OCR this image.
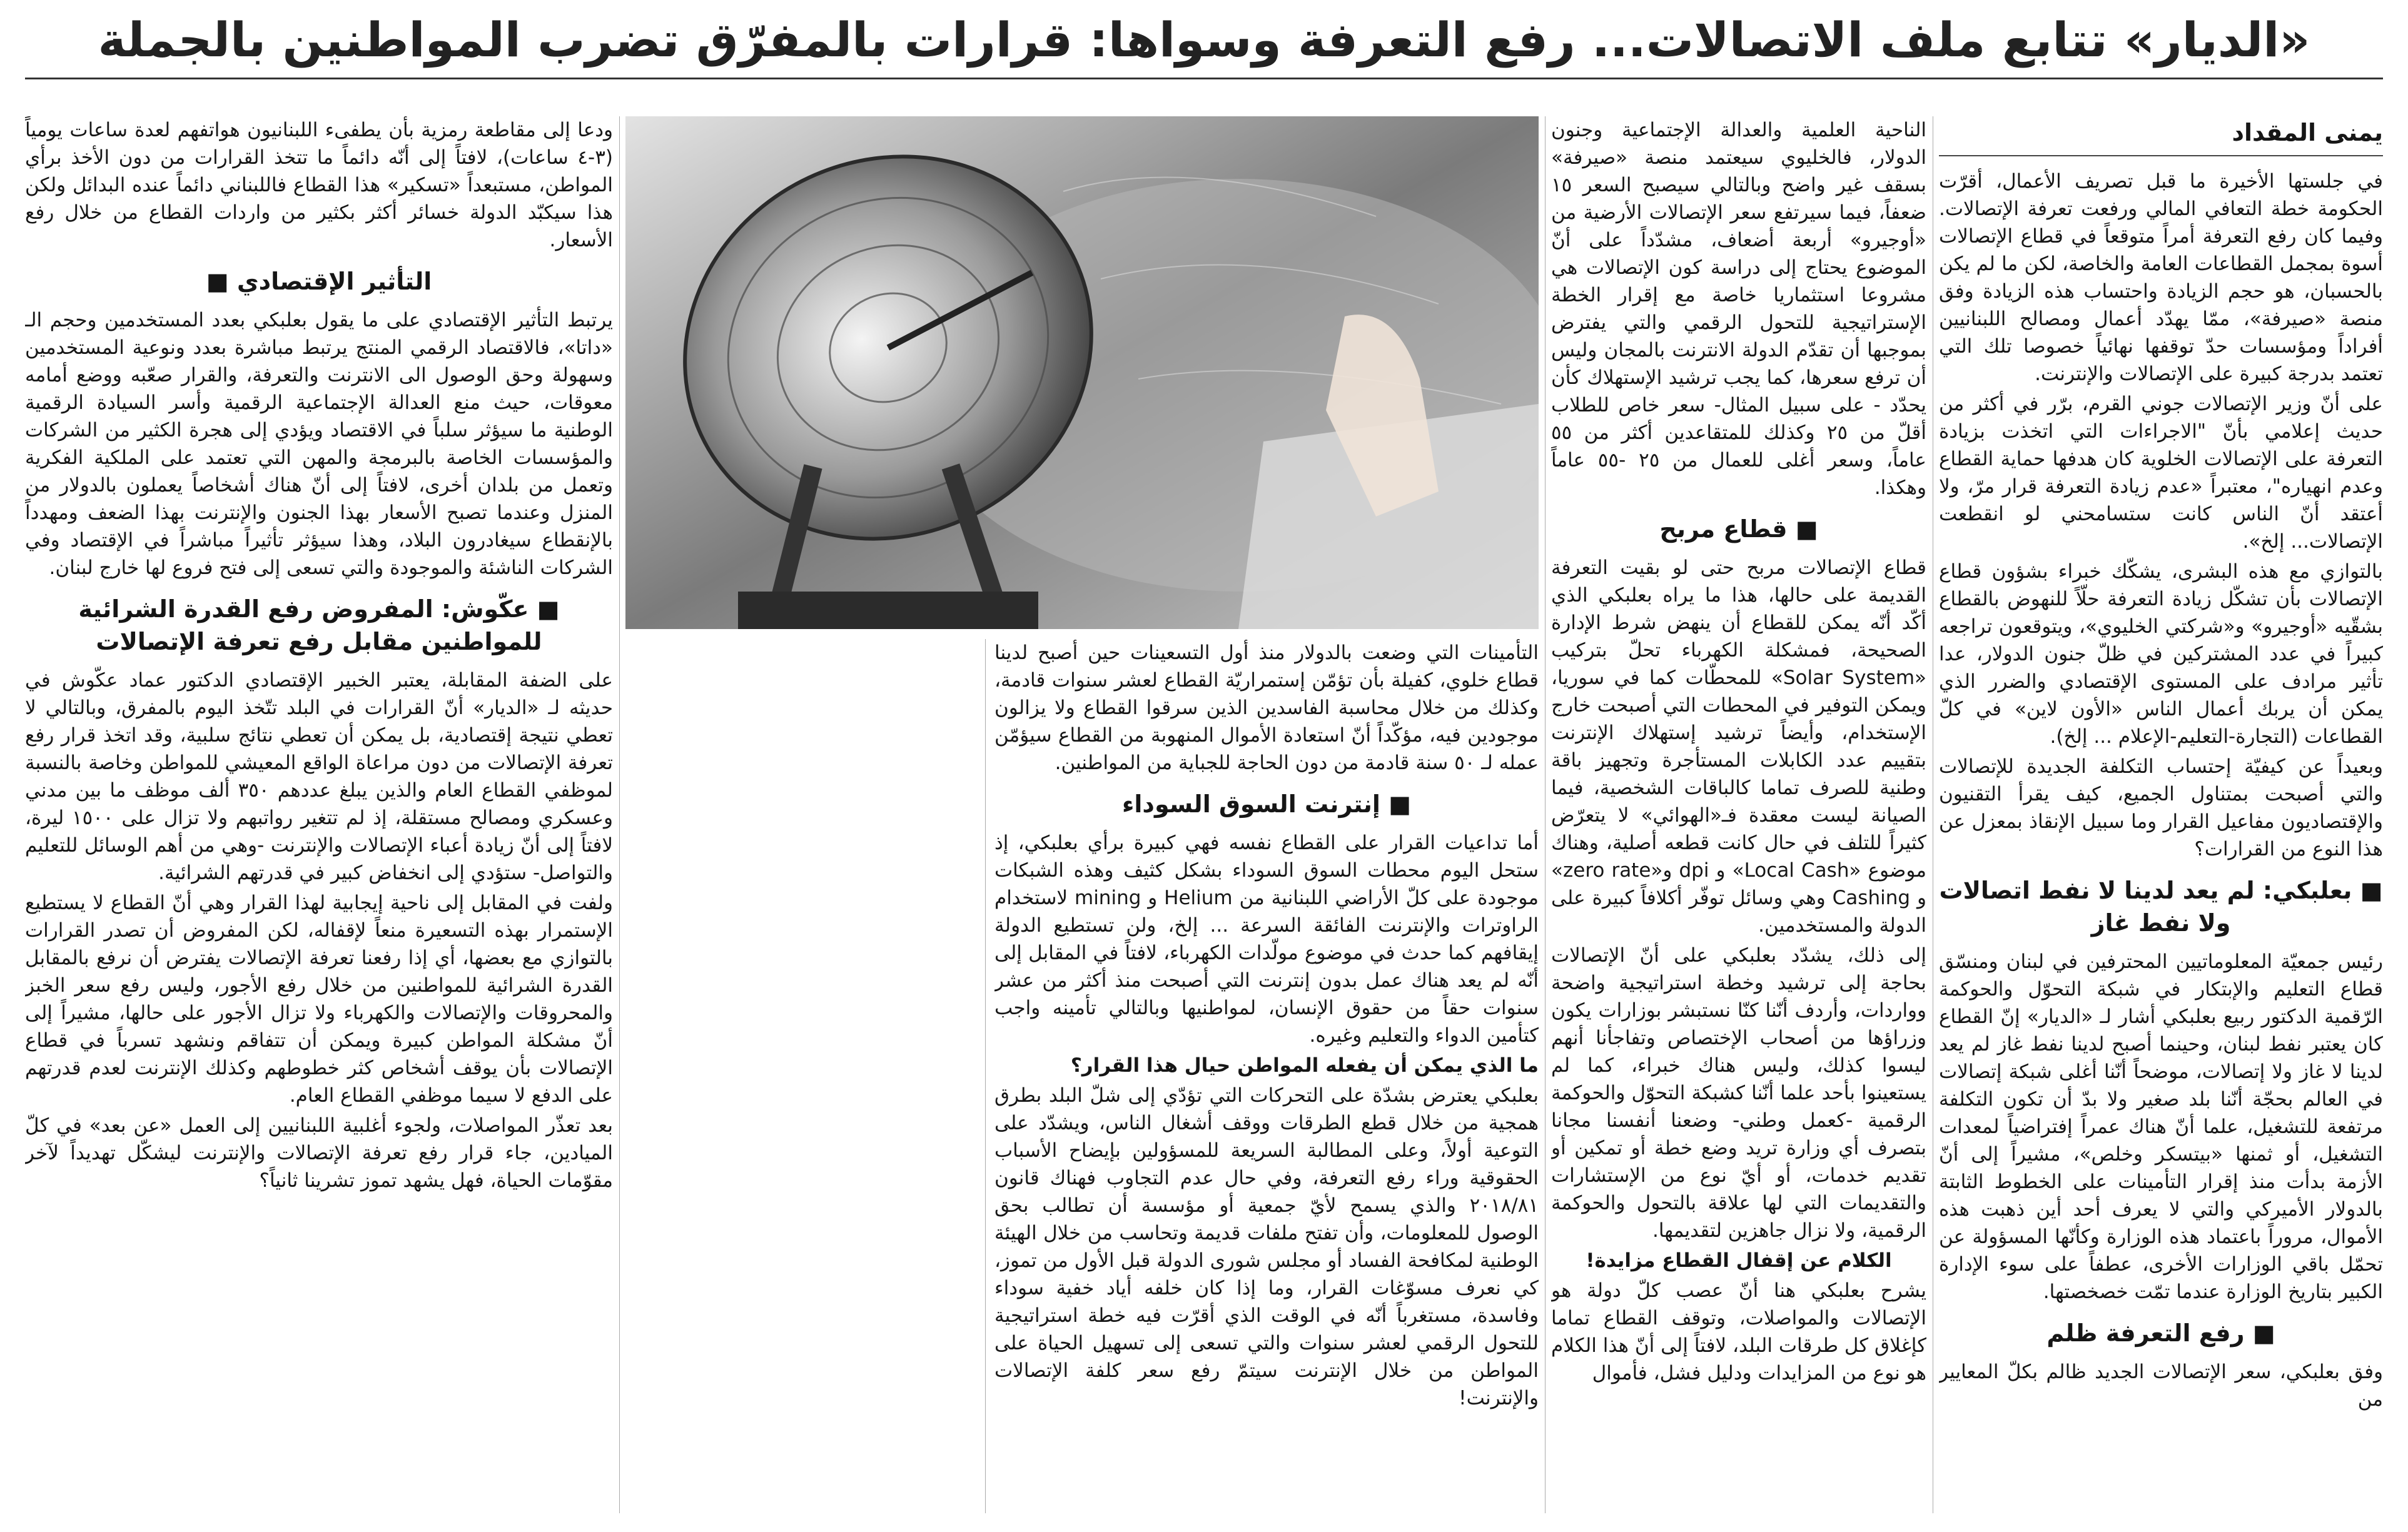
«الديار» تتابع ملف الاتصالات... رفع التعرفة وسواها: قرارات بالمفرّق تضرب المواطنين بالجملة
يمنى المقداد

في جلستها الأخيرة ما قبل تصريف الأعمال، أقرّت الحكومة خطة التعافي المالي ورفعت تعرفة الإتصالات. وفيما كان رفع التعرفة أمراً متوقعاً في قطاع الإتصالات أسوة بمجمل القطاعات العامة والخاصة، لكن ما لم يكن بالحسبان، هو حجم الزيادة واحتساب هذه الزيادة وفق منصة «صيرفة»، ممّا يهدّد أعمال ومصالح اللبنانيين أفراداً ومؤسسات حدّ توقفها نهائياً خصوصا تلك التي تعتمد بدرجة كبيرة على الإتصالات والإنترنت.

على أنّ وزير الإتصالات جوني القرم، برّر في أكثر من حديث إعلامي بأنّ "الاجراءات التي اتخذت بزيادة التعرفة على الإتصالات الخلوية كان هدفها حماية القطاع وعدم انهياره"، معتبراً «عدم زيادة التعرفة قرار مرّ، ولا أعتقد أنّ الناس كانت ستسامحني لو انقطعت الإتصالات... إلخ».

بالتوازي مع هذه البشرى، يشكّك خبراء بشؤون قطاع الإتصالات بأن تشكّل زيادة التعرفة حلّاً للنهوض بالقطاع بشقّيه «أوجيرو» و«شركتي الخليوي»، ويتوقعون تراجعه كبيراً في عدد المشتركين في ظلّ جنون الدولار، عدا تأثير مرادف على المستوى الإقتصادي والضرر الذي يمكن أن يربك أعمال الناس «الأون لاين» في كلّ القطاعات (التجارة-التعليم-الإعلام ... إلخ).

وبعيداً عن كيفيّة إحتساب التكلفة الجديدة للإتصالات والتي أصبحت بمتناول الجميع، كيف يقرأ التقنيون والإقتصاديون مفاعيل القرار وما سبيل الإنقاذ بمعزل عن هذا النوع من القرارات؟

■ بعلبكي: لم يعد لدينا لا نفط اتصالات ولا نفط غاز

رئيس جمعيّة المعلوماتيين المحترفين في لبنان ومنسّق قطاع التعليم والإبتكار في شبكة التحوّل والحوكمة الرّقمية الدكتور ربيع بعلبكي أشار لـ «الديار» إنّ القطاع كان يعتبر نفط لبنان، وحينما أصبح لدينا نفط غاز لم يعد لدينا لا غاز ولا إتصالات، موضحاً أنّنا أغلى شبكة إتصالات في العالم بحجّة أنّنا بلد صغير ولا بدّ أن تكون التكلفة مرتفعة للتشغيل، علما أنّ هناك عمراً إفتراضياً لمعدات التشغيل، أو ثمنها «بيتسكر وخلص»، مشيراً إلى أنّ الأزمة بدأت منذ إقرار التأمينات على الخطوط الثابتة بالدولار الأميركي والتي لا يعرف أحد أين ذهبت هذه الأموال، مروراً باعتماد هذه الوزارة وكأنّها المسؤولة عن تحمّل باقي الوزارات الأخرى، عطفاً على سوء الإدارة الكبير بتاريخ الوزارة عندما تمّت خصخصتها.

■ رفع التعرفة ظلم

وفق بعلبكي، سعر الإتصالات الجديد ظالم بكلّ المعايير من

الناحية العلمية والعدالة الإجتماعية وجنون الدولار، فالخليوي سيعتمد منصة «صيرفة» بسقف غير واضح وبالتالي سيصبح السعر ١٥ ضعفاً، فيما سيرتفع سعر الإتصالات الأرضية من «أوجيرو» أربعة أضعاف، مشدّداً على أنّ الموضوع يحتاج إلى دراسة كون الإتصالات هي مشروعا استثماريا خاصة مع إقرار الخطة الإستراتيجية للتحول الرقمي والتي يفترض بموجبها أن تقدّم الدولة الانترنت بالمجان وليس أن ترفع سعرها، كما يجب ترشيد الإستهلاك كأن يحدّد - على سبيل المثال- سعر خاص للطلاب أقلّ من ٢٥ وكذلك للمتقاعدين أكثر من ٥٥ عاماً، وسعر أغلى للعمال من ٢٥ -٥٥ عاماً وهكذا.

■ قطاع مربح

قطاع الإتصالات مربح حتى لو بقيت التعرفة القديمة على حالها، هذا ما يراه بعلبكي الذي أكّد أنّه يمكن للقطاع أن ينهض شرط الإدارة الصحيحة، فمشكلة الكهرباء تحلّ بتركيب «Solar System» للمحطّات كما في سوريا، ويمكن التوفير في المحطات التي أصبحت خارج الإستخدام، وأيضاً ترشيد إستهلاك الإنترنت بتقييم عدد الكابلات المستأجرة وتجهيز باقة وطنية للصرف تماما كالباقات الشخصية، فيما الصيانة ليست معقدة فـ«الهوائي» لا يتعرّض كثيراً للتلف في حال كانت قطعه أصلية، وهناك موضوع «Local Cash» و dpi و«zero rate» و Cashing وهي وسائل توفّر أكلافاً كبيرة على الدولة والمستخدمين.

إلى ذلك، يشدّد بعلبكي على أنّ الإتصالات بحاجة إلى ترشيد وخطة استراتيجية واضحة وواردات، وأردف أنّنا كنّا نستبشر بوزارات يكون وزراؤها من أصحاب الإختصاص وتفاجأنا أنهم ليسوا كذلك، وليس هناك خبراء، كما لم يستعينوا بأحد علما أنّنا كشبكة التحوّل والحوكمة الرقمية -كعمل وطني- وضعنا أنفسنا مجانا بتصرف أي وزارة تريد وضع خطة أو تمكين أو تقديم خدمات، أو أيّ نوع من الإستشارات والتقديمات التي لها علاقة بالتحول والحوكمة الرقمية، ولا نزال جاهزين لتقديمها.

الكلام عن إقفال القطاع مزايدة!

يشرح بعلبكي هنا أنّ عصب كلّ دولة هو الإتصالات والمواصلات، وتوقف القطاع تماما كإغلاق كل طرقات البلد، لافتاً إلى أنّ هذا الكلام هو نوع من المزايدات ودليل فشل، فأموال

التأمينات التي وضعت بالدولار منذ أول التسعينات حين أصبح لدينا قطاع خلوي، كفيلة بأن تؤمّن إستمراريّة القطاع لعشر سنوات قادمة، وكذلك من خلال محاسبة الفاسدين الذين سرقوا القطاع ولا يزالون موجودين فيه، مؤكّداً أنّ استعادة الأموال المنهوبة من القطاع سيؤمّن عمله لـ ٥٠ سنة قادمة من دون الحاجة للجباية من المواطنين.

■ إنترنت السوق السوداء

أما تداعيات القرار على القطاع نفسه فهي كبيرة برأي بعلبكي، إذ ستحل اليوم محطات السوق السوداء بشكل كثيف وهذه الشبكات موجودة على كلّ الأراضي اللبنانية من Helium و mining لاستخدام الراوترات والإنترنت الفائقة السرعة ... إلخ، ولن تستطيع الدولة إيقافهم كما حدث في موضوع مولّدات الكهرباء، لافتاً في المقابل إلى أنّه لم يعد هناك عمل بدون إنترنت التي أصبحت منذ أكثر من عشر سنوات حقاً من حقوق الإنسان، لمواطنيها وبالتالي تأمينه واجب كتأمين الدواء والتعليم وغيره.

ما الذي يمكن أن يفعله المواطن حيال هذا القرار؟

بعلبكي يعترض بشدّة على التحركات التي تؤدّي إلى شلّ البلد بطرق همجية من خلال قطع الطرقات ووقف أشغال الناس، ويشدّد على التوعية أولاً، وعلى المطالبة السريعة للمسؤولين بإيضاح الأسباب الحقوقية وراء رفع التعرفة، وفي حال عدم التجاوب فهناك قانون ٢٠١٨/٨١ والذي يسمح لأيّ جمعية أو مؤسسة أن تطالب بحق الوصول للمعلومات، وأن تفتح ملفات قديمة وتحاسب من خلال الهيئة الوطنية لمكافحة الفساد أو مجلس شورى الدولة قبل الأول من تموز، كي نعرف مسوّغات القرار، وما إذا كان خلفه أياد خفية سوداء وفاسدة، مستغرباً أنّه في الوقت الذي أقرّت فيه خطة استراتيجية للتحول الرقمي لعشر سنوات والتي تسعى إلى تسهيل الحياة على المواطن من خلال الإنترنت سيتمّ رفع سعر كلفة الإتصالات والإنترنت!

ودعا إلى مقاطعة رمزية بأن يطفىء اللبنانيون هواتفهم لعدة ساعات يومياً (٣-٤ ساعات)، لافتاً إلى أنّه دائماً ما تتخذ القرارات من دون الأخذ برأي المواطن، مستبعداً «تسكير» هذا القطاع فاللبناني دائماً عنده البدائل ولكن هذا سيكبّد الدولة خسائر أكثر بكثير من واردات القطاع من خلال رفع الأسعار.

التأثير الإقتصادي ■

يرتبط التأثير الإقتصادي على ما يقول بعلبكي بعدد المستخدمين وحجم الـ «داتا»، فالاقتصاد الرقمي المنتج يرتبط مباشرة بعدد ونوعية المستخدمين وسهولة وحق الوصول الى الانترنت والتعرفة، والقرار صعّبه ووضع أمامه معوقات، حيث منع العدالة الإجتماعية الرقمية وأسر السيادة الرقمية الوطنية ما سيؤثر سلباً في الاقتصاد ويؤدي إلى هجرة الكثير من الشركات والمؤسسات الخاصة بالبرمجة والمهن التي تعتمد على الملكية الفكرية وتعمل من بلدان أخرى، لافتاً إلى أنّ هناك أشخاصاً يعملون بالدولار من المنزل وعندما تصبح الأسعار بهذا الجنون والإنترنت بهذا الضعف ومهدداً بالإنقطاع سيغادرون البلاد، وهذا سيؤثر تأثيراً مباشراً في الإقتصاد وفي الشركات الناشئة والموجودة والتي تسعى إلى فتح فروع لها خارج لبنان.

■ عكّوش: المفروض رفع القدرة الشرائية للمواطنين مقابل رفع تعرفة الإتصالات

على الضفة المقابلة، يعتبر الخبير الإقتصادي الدكتور عماد عكّوش في حديثه لـ «الديار» أنّ القرارات في البلد تتّخذ اليوم بالمفرق، وبالتالي لا تعطي نتيجة إقتصادية، بل يمكن أن تعطي نتائج سلبية، وقد اتخذ قرار رفع تعرفة الإتصالات من دون مراعاة الواقع المعيشي للمواطن وخاصة بالنسبة لموظفي القطاع العام والذين يبلغ عددهم ٣٥٠ ألف موظف ما بين مدني وعسكري ومصالح مستقلة، إذ لم تتغير رواتبهم ولا تزال على ١٥٠٠ ليرة، لافتاً إلى أنّ زيادة أعباء الإتصالات والإنترنت -وهي من أهم الوسائل للتعليم والتواصل- ستؤدي إلى انخفاض كبير في قدرتهم الشرائية.

ولفت في المقابل إلى ناحية إيجابية لهذا القرار وهي أنّ القطاع لا يستطيع الإستمرار بهذه التسعيرة منعاً لإقفاله، لكن المفروض أن تصدر القرارات بالتوازي مع بعضها، أي إذا رفعنا تعرفة الإتصالات يفترض أن نرفع بالمقابل القدرة الشرائية للمواطنين من خلال رفع الأجور، وليس رفع سعر الخبز والمحروقات والإتصالات والكهرباء ولا تزال الأجور على حالها، مشيراً إلى أنّ مشكلة المواطن كبيرة ويمكن أن تتفاقم ونشهد تسرباً في قطاع الإتصالات بأن يوقف أشخاص كثر خطوطهم وكذلك الإنترنت لعدم قدرتهم على الدفع لا سيما موظفي القطاع العام.

بعد تعذّر المواصلات، ولجوء أغلبية اللبنانيين إلى العمل «عن بعد» في كلّ الميادين، جاء قرار رفع تعرفة الإتصالات والإنترنت ليشكّل تهديداً لآخر مقوّمات الحياة، فهل يشهد تموز تشرينا ثانياً؟
